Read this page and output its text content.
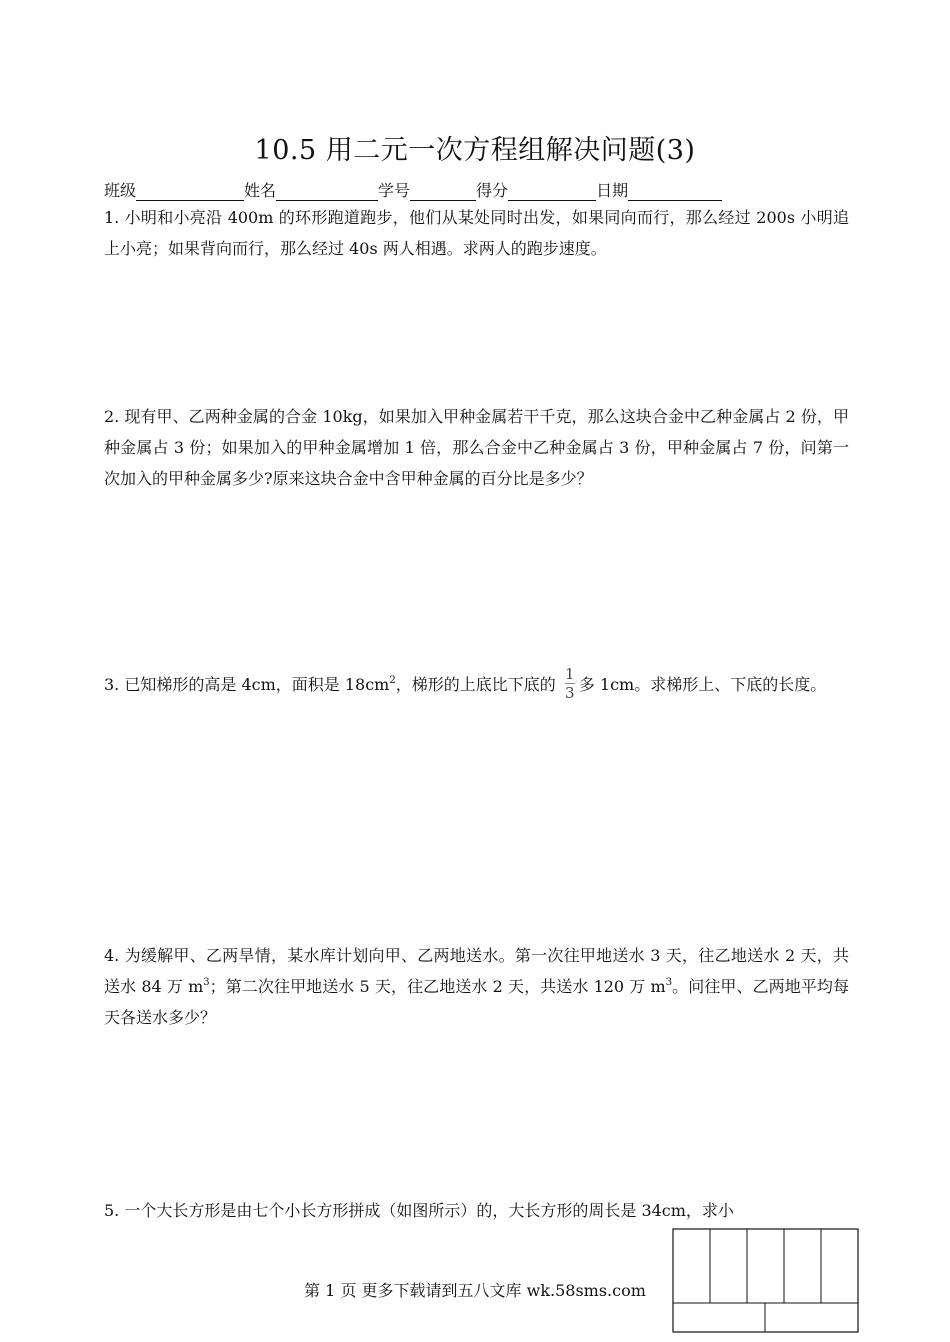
10.5 用二元一次方程组解决问题(3)
班级	姓名	学号	得分	日期

1. 小明和小亮沿 400m 的环形跑道跑步，他们从某处同时出发，如果同向而行，那么经过 200s 小明追上小亮；如果背向而行，那么经过 40s 两人相遇。求两人的跑步速度。

2. 现有甲、乙两种金属的合金 10kg，如果加入甲种金属若干千克，那么这块合金中乙种金属占 2 份，甲种金属占 3 份；如果加入的甲种金属增加 1 倍，那么合金中乙种金属占 3 份，甲种金属占 7 份，问第一次加入的甲种金属多少?原来这块合金中含甲种金属的百分比是多少？

3. 已知梯形的高是 4cm，面积是 $18cm^2$，梯形的上底比下底的 $\frac{1}{3}$ 多 1cm。求梯形上、下底的长度。

4. 为缓解甲、乙两旱情，某水库计划向甲、乙两地送水。第一次往甲地送水 3 天，往乙地送水 2 天，共送水 84 万 $m^3$；第二次往甲地送水 5 天，往乙地送水 2 天，共送水 120 万 $m^3$。问往甲、乙两地平均每天各送水多少？

5. 一个大长方形是由七个小长方形拼成（如图所示）的，大长方形的周长是 34cm，求小

第 1 页 更多下载请到五八文库 wk.58sms.com
